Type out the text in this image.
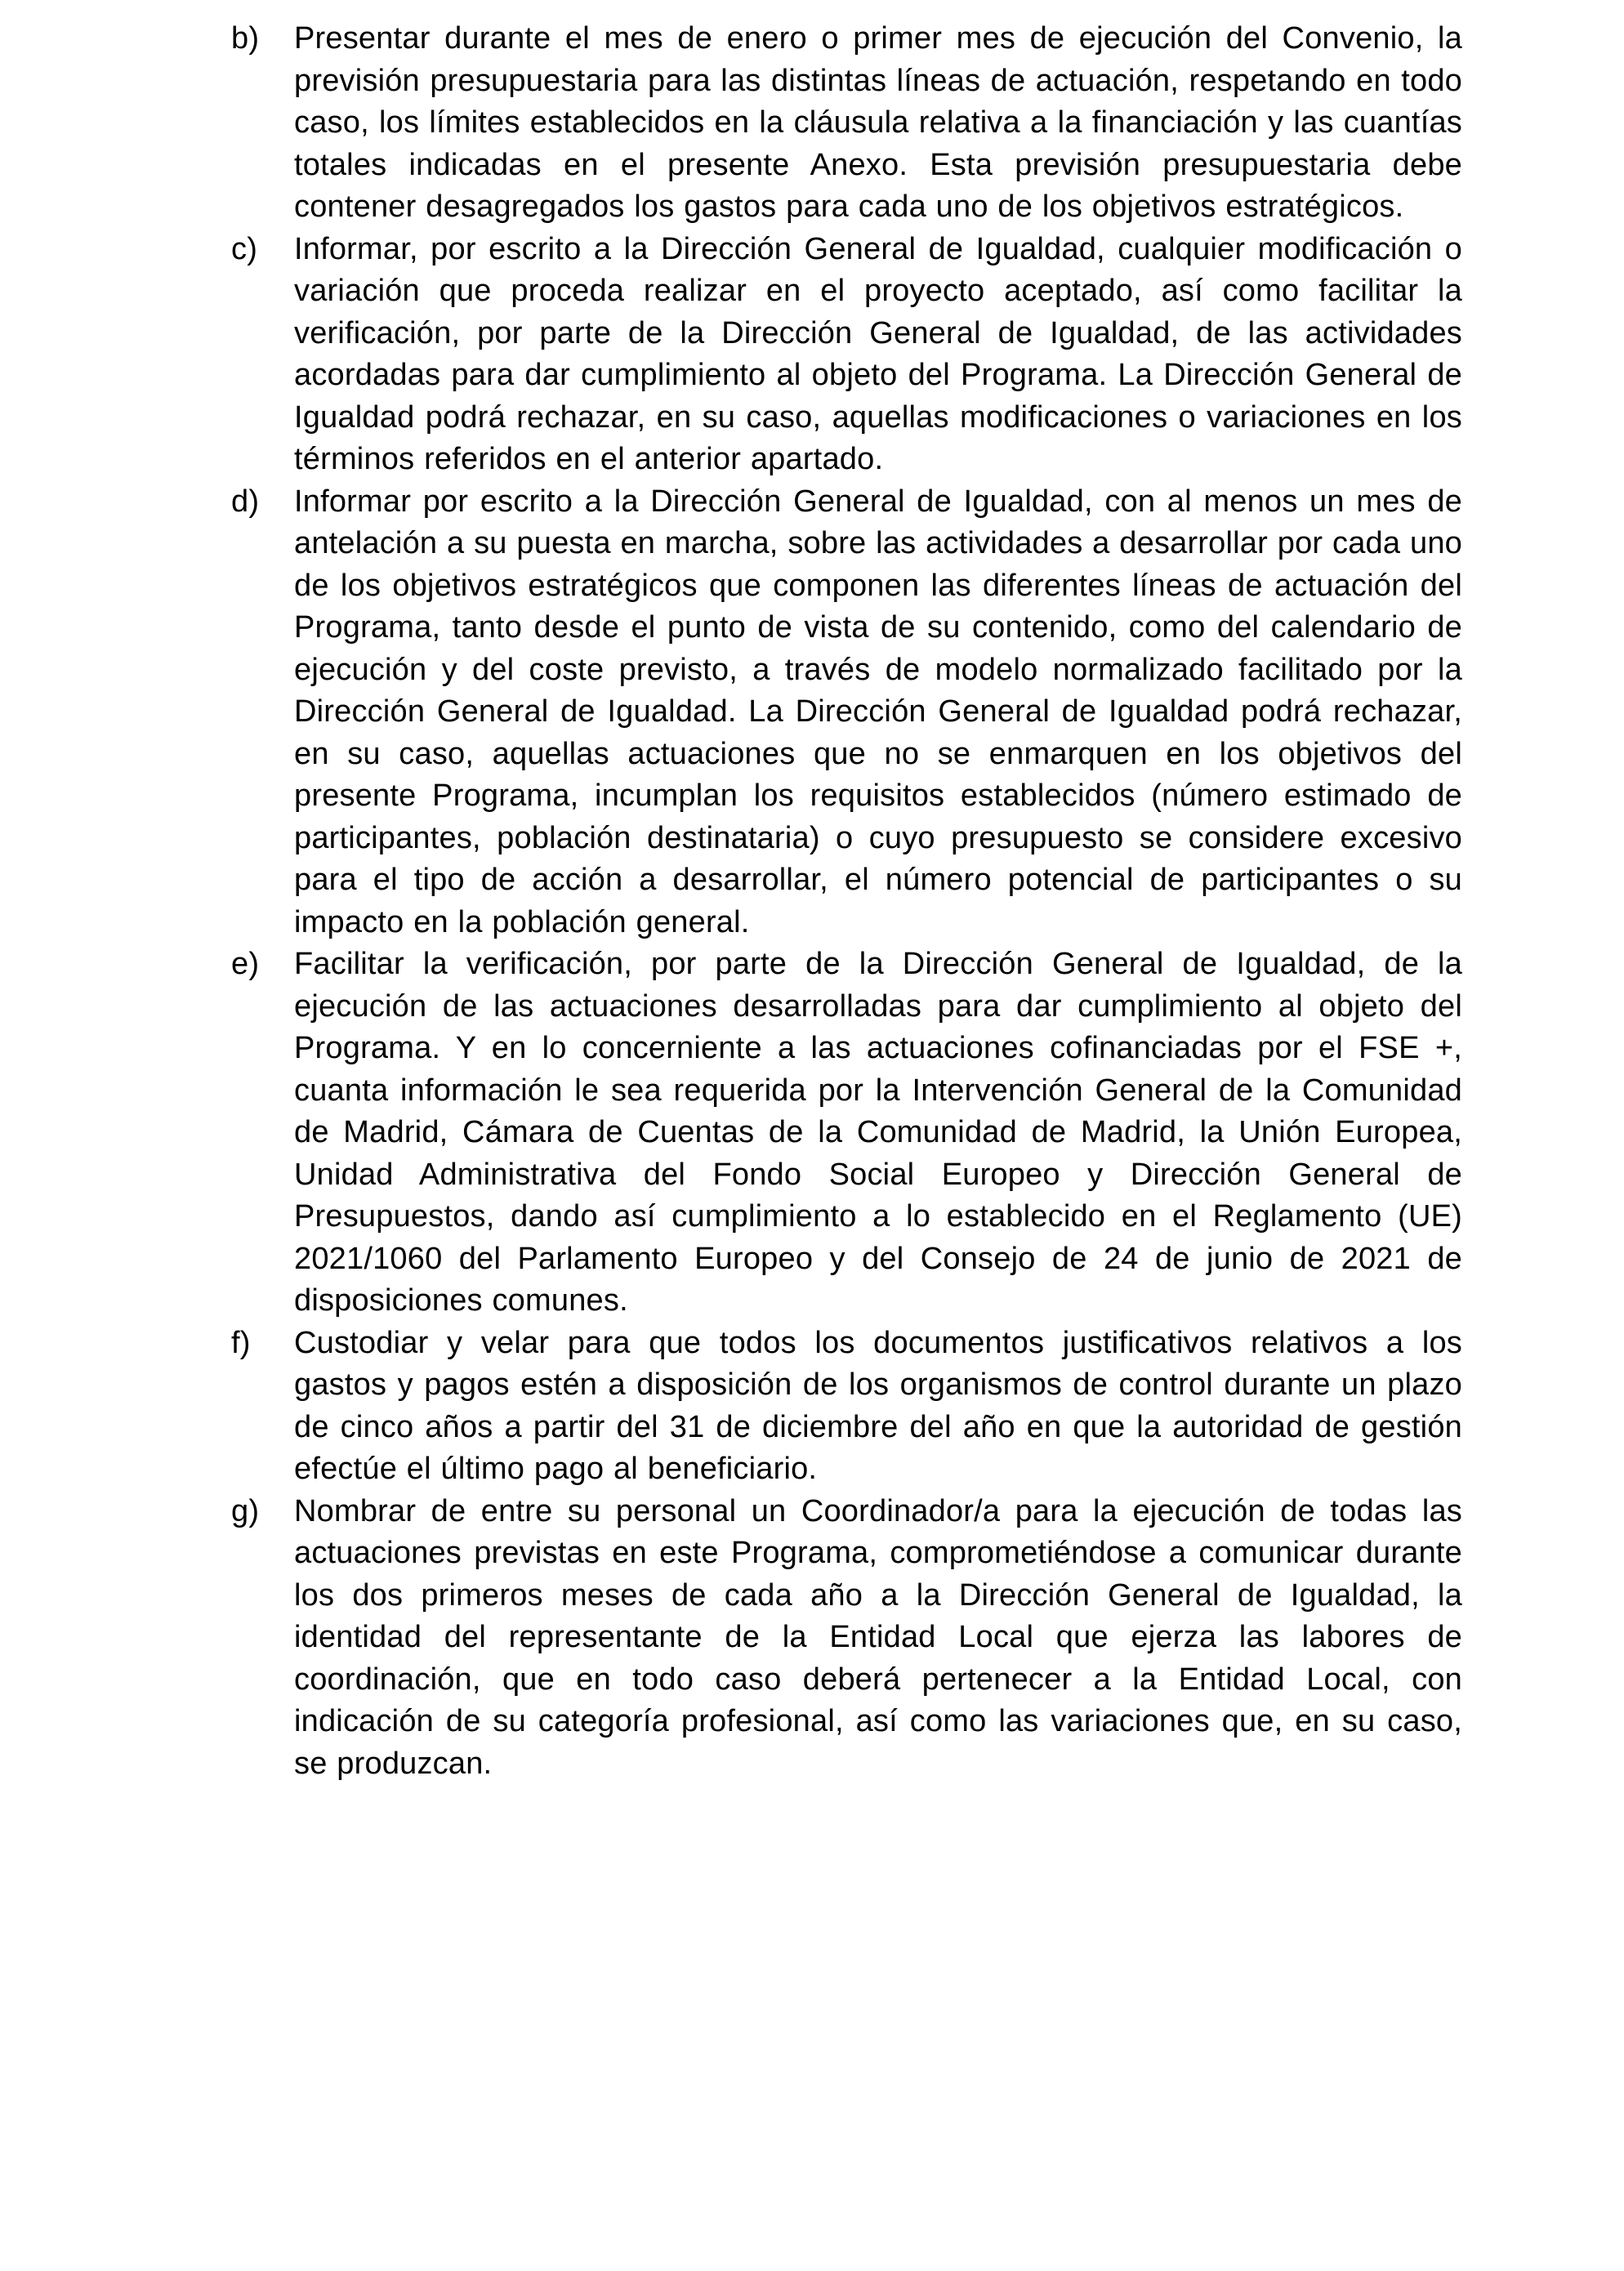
b)	Presentar durante el mes de enero o primer mes de ejecución del Convenio, la previsión presupuestaria para las distintas líneas de actuación, respetando en todo caso, los límites establecidos en la cláusula relativa a la financiación y las cuantías totales indicadas en el presente Anexo. Esta previsión presupuestaria debe contener desagregados los gastos para cada uno de los objetivos estratégicos.

c)	Informar, por escrito a la Dirección General de Igualdad, cualquier modificación o variación que proceda realizar en el proyecto aceptado, así como facilitar la verificación, por parte de la Dirección General de Igualdad, de las actividades acordadas para dar cumplimiento al objeto del Programa. La Dirección General de Igualdad podrá rechazar, en su caso, aquellas modificaciones o variaciones en los términos referidos en el anterior apartado.

d)	Informar por escrito a la Dirección General de Igualdad, con al menos un mes de antelación a su puesta en marcha, sobre las actividades a desarrollar por cada uno de los objetivos estratégicos que componen las diferentes líneas de actuación del Programa, tanto desde el punto de vista de su contenido, como del calendario de ejecución y del coste previsto, a través de modelo normalizado facilitado por la Dirección General de Igualdad. La Dirección General de Igualdad podrá rechazar, en su caso, aquellas actuaciones que no se enmarquen en los objetivos del presente Programa, incumplan los requisitos establecidos (número estimado de participantes, población destinataria) o cuyo presupuesto se considere excesivo para el tipo de acción a desarrollar, el número potencial de participantes o su impacto en la población general.

e)	Facilitar la verificación, por parte de la Dirección General de Igualdad, de la ejecución de las actuaciones desarrolladas para dar cumplimiento al objeto del Programa. Y en lo concerniente a las actuaciones cofinanciadas por el FSE +, cuanta información le sea requerida por la Intervención General de la Comunidad de Madrid, Cámara de Cuentas de la Comunidad de Madrid, la Unión Europea, Unidad Administrativa del Fondo Social Europeo y Dirección General de Presupuestos, dando así cumplimiento a lo establecido en el Reglamento (UE) 2021/1060 del Parlamento Europeo y del Consejo de 24 de junio de 2021 de disposiciones comunes.

f)	Custodiar y velar para que todos los documentos justificativos relativos a los gastos y pagos estén a disposición de los organismos de control durante un plazo de cinco años a partir del 31 de diciembre del año en que la autoridad de gestión efectúe el último pago al beneficiario.

g)	Nombrar de entre su personal un Coordinador/a para la ejecución de todas las actuaciones previstas en este Programa, comprometiéndose a comunicar durante los dos primeros meses de cada año a la Dirección General de Igualdad, la identidad del representante de la Entidad Local que ejerza las labores de coordinación, que en todo caso deberá pertenecer a la Entidad Local, con indicación de su categoría profesional, así como las variaciones que, en su caso, se produzcan.
